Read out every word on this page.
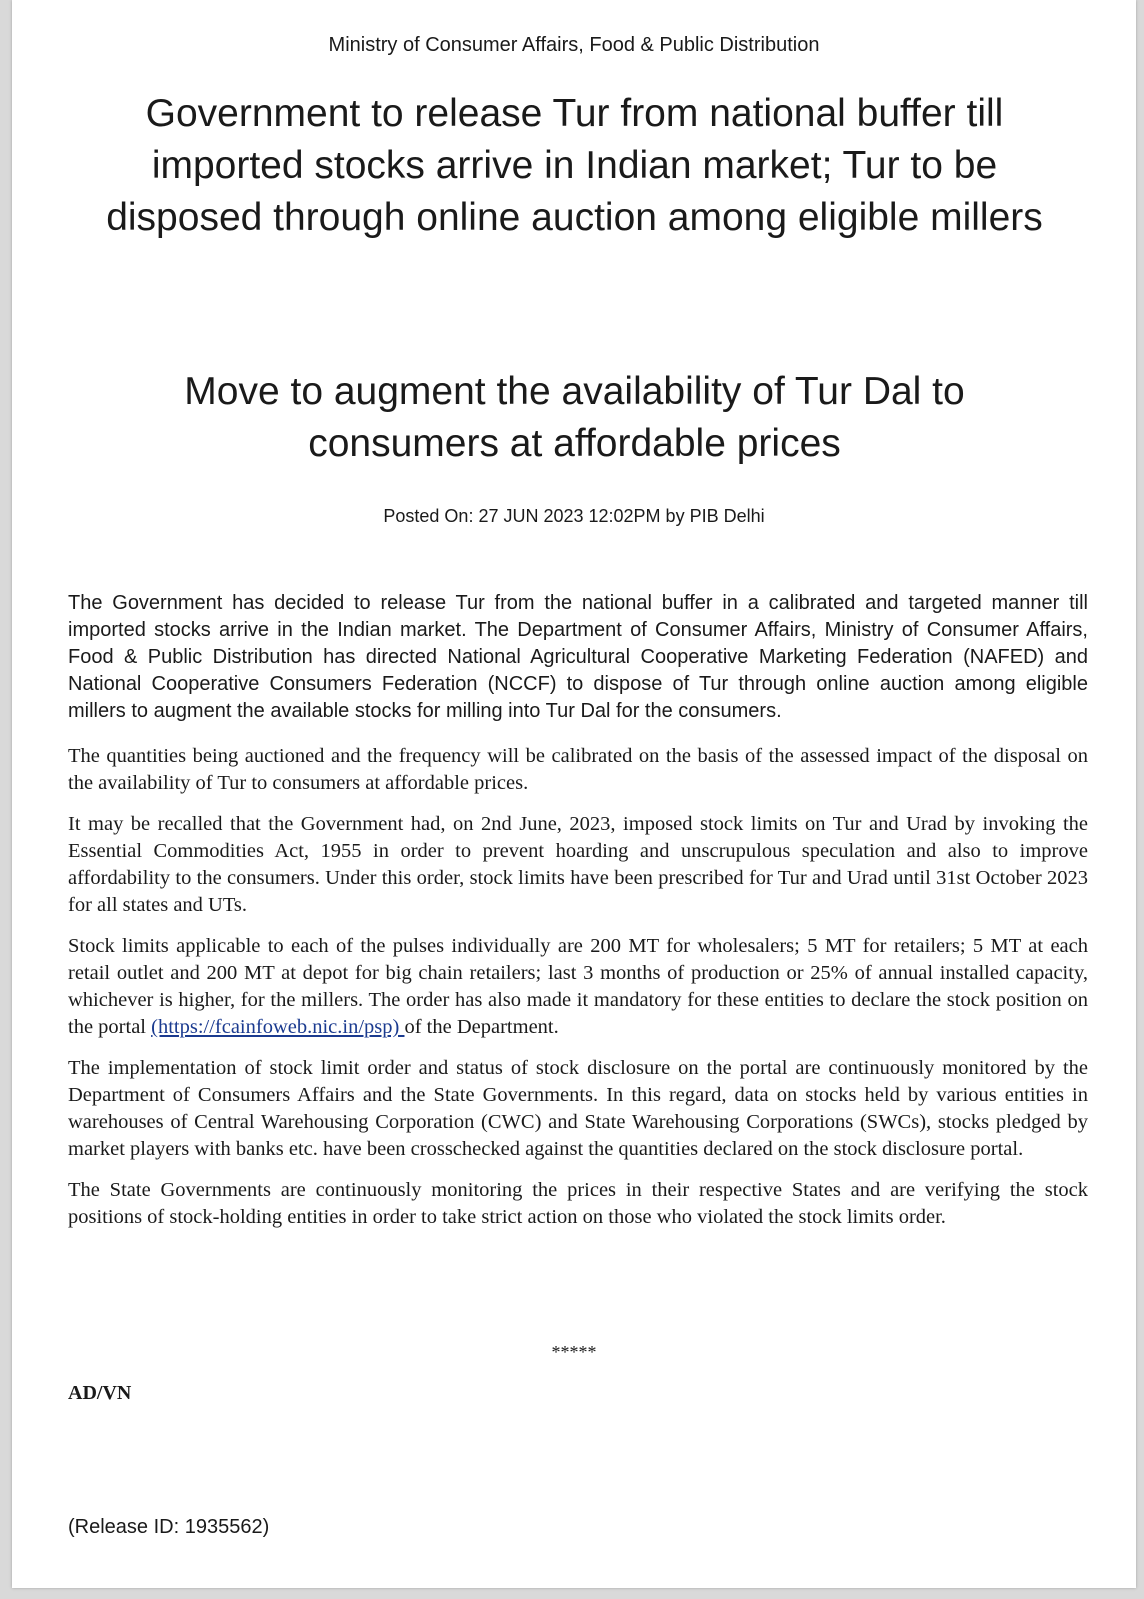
Ministry of Consumer Affairs, Food & Public Distribution
Government to release Tur from national buffer till imported stocks arrive in Indian market; Tur to be disposed through online auction among eligible millers
Move to augment the availability of Tur Dal to consumers at affordable prices
Posted On: 27 JUN 2023 12:02PM by PIB Delhi

The Government has decided to release Tur from the national buffer in a calibrated and targeted manner till imported stocks arrive in the Indian market. The Department of Consumer Affairs, Ministry of Consumer Affairs, Food & Public Distribution has directed National Agricultural Cooperative Marketing Federation (NAFED) and National Cooperative Consumers Federation (NCCF) to dispose of Tur through online auction among eligible millers to augment the available stocks for milling into Tur Dal for the consumers.

The quantities being auctioned and the frequency will be calibrated on the basis of the assessed impact of the disposal on the availability of Tur to consumers at affordable prices.

It may be recalled that the Government had, on 2nd June, 2023, imposed stock limits on Tur and Urad by invoking the Essential Commodities Act, 1955 in order to prevent hoarding and unscrupulous speculation and also to improve affordability to the consumers. Under this order, stock limits have been prescribed for Tur and Urad until 31st October 2023 for all states and UTs.

Stock limits applicable to each of the pulses individually are 200 MT for wholesalers; 5 MT for retailers; 5 MT at each retail outlet and 200 MT at depot for big chain retailers; last 3 months of production or 25% of annual installed capacity, whichever is higher, for the millers. The order has also made it mandatory for these entities to declare the stock position on the portal (https://fcainfoweb.nic.in/psp) of the Department.

The implementation of stock limit order and status of stock disclosure on the portal are continuously monitored by the Department of Consumers Affairs and the State Governments. In this regard, data on stocks held by various entities in warehouses of Central Warehousing Corporation (CWC) and State Warehousing Corporations (SWCs), stocks pledged by market players with banks etc. have been crosschecked against the quantities declared on the stock disclosure portal.

The State Governments are continuously monitoring the prices in their respective States and are verifying the stock positions of stock-holding entities in order to take strict action on those who violated the stock limits order.

*****
AD/VN
(Release ID: 1935562)
